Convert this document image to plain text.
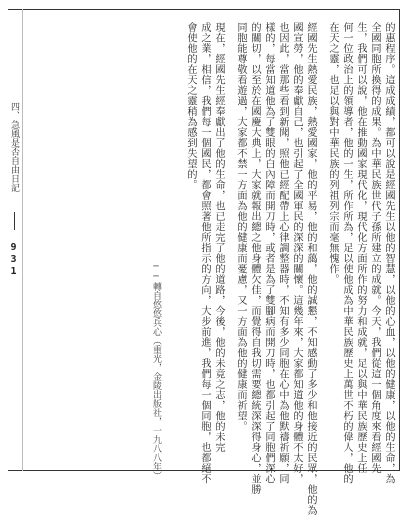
四、急風是否自由日記
931	的惠程序。這成成績，都可以說是經國先生以他的智慧，以他的心血，以他的健康，以他的生命，為
全國同胞所換得的成果。為中華民族世代子孫所建立的成就。今天，我們從這一個角度來看經國先
生，我們可以說，他在推動國家現代化，現代化方面所作的努力和成就，足以與中華民族歷史上任
何一位政治上的領導者，他的一生，所作所為，足以使他成為中華民族歷史上萬世不朽的偉人，他的
在天之靈，也足以與對中華民族的列祖列宗而毫無愧作。
經國先生熱愛民族，熱愛國家，他的平易，他的和藹，他的誠懇，不知感動了多少和他接近的民眾，他的為
國宣勞，他的奉獻自己，也引起了全國軍民的深深的關懷。這幾年來，大家都知道他的身體不太好，
也因此，當那些看到新聞，照他已經配帶上心律調整器時，不知有多少同胞在心中為他默禱祈願，同
樣的，每當知道他為了雙眼的白內障而開刀時，或者是為了雙腳病而開刀時，也都引起了同胞們深心
的關切，以至於在國慶大典上，大家就報出總之他身體欠佳，而覺得自我切需要總統深深得身心，並勝
同胞能尊敬看遊過，大家都不禁一方面為他的健康而憂慮，又一方面為他的健康而祈望。
現在，經國先生經奉獻出了他的生命，也已走完了他的道路，今後，他的未竟之志，他的未完
成之業，相信，我們每一個國民，都會照著他所指示的方向，大步前進，我們每一個同胞，也都絕不
會使他的在天之靈稍為感到失望的。
──轉自悠悠兵心（重光，金陵出版社，一九八八年）
